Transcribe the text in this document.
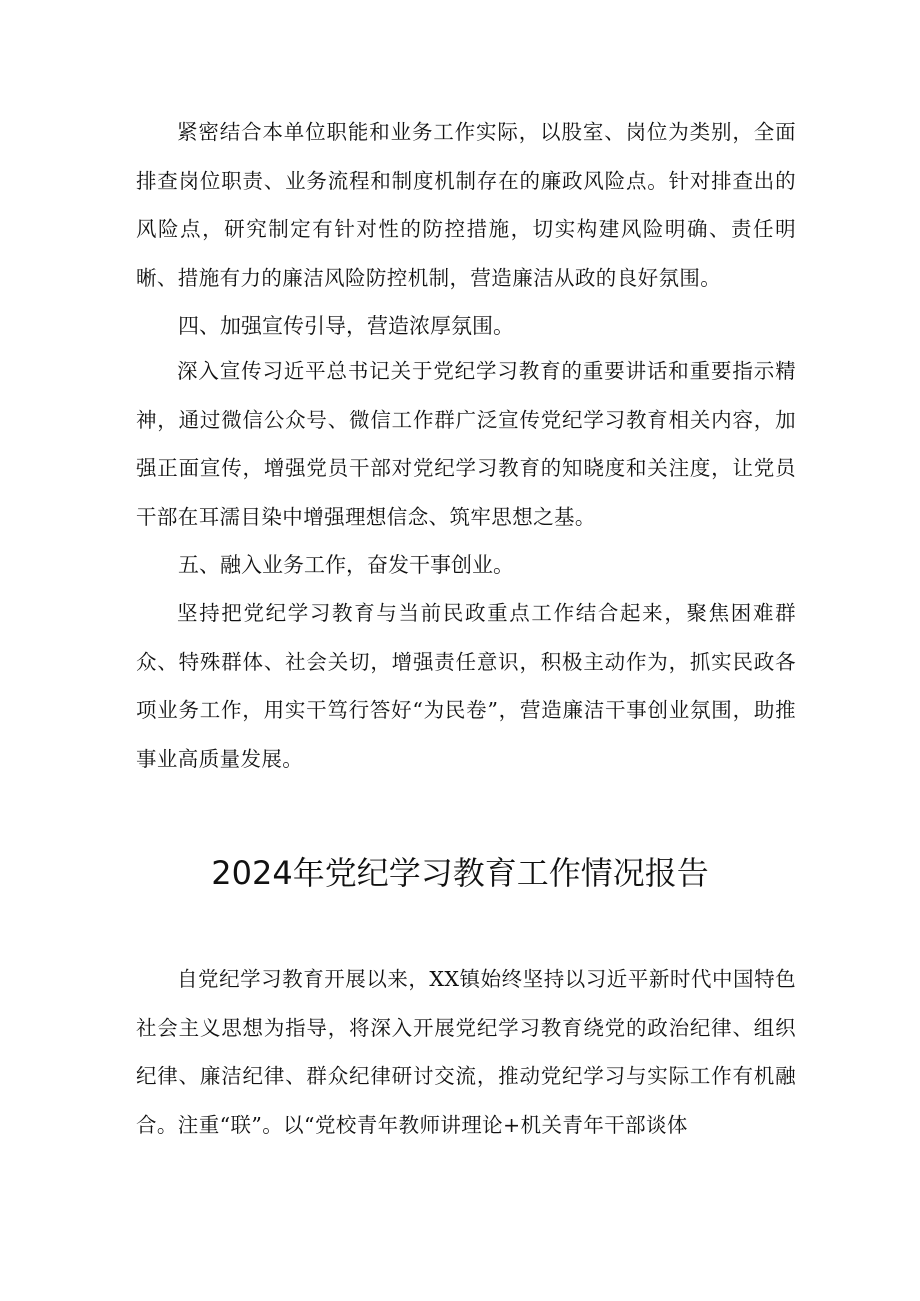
紧密结合本单位职能和业务工作实际，以股室、岗位为类别，全面排查岗位职责、业务流程和制度机制存在的廉政风险点。针对排查出的风险点，研究制定有针对性的防控措施，切实构建风险明确、责任明晰、措施有力的廉洁风险防控机制，营造廉洁从政的良好氛围。

四、加强宣传引导，营造浓厚氛围。

深入宣传习近平总书记关于党纪学习教育的重要讲话和重要指示精神，通过微信公众号、微信工作群广泛宣传党纪学习教育相关内容，加强正面宣传，增强党员干部对党纪学习教育的知晓度和关注度，让党员干部在耳濡目染中增强理想信念、筑牢思想之基。

五、融入业务工作，奋发干事创业。

坚持把党纪学习教育与当前民政重点工作结合起来，聚焦困难群众、特殊群体、社会关切，增强责任意识，积极主动作为，抓实民政各项业务工作，用实干笃行答好“为民卷”，营造廉洁干事创业氛围，助推事业高质量发展。

2024年党纪学习教育工作情况报告

自党纪学习教育开展以来，XX镇始终坚持以习近平新时代中国特色社会主义思想为指导，将深入开展党纪学习教育绕党的政治纪律、组织纪律、廉洁纪律、群众纪律研讨交流，推动党纪学习与实际工作有机融合。注重“联”。以“党校青年教师讲理论+机关青年干部谈体
